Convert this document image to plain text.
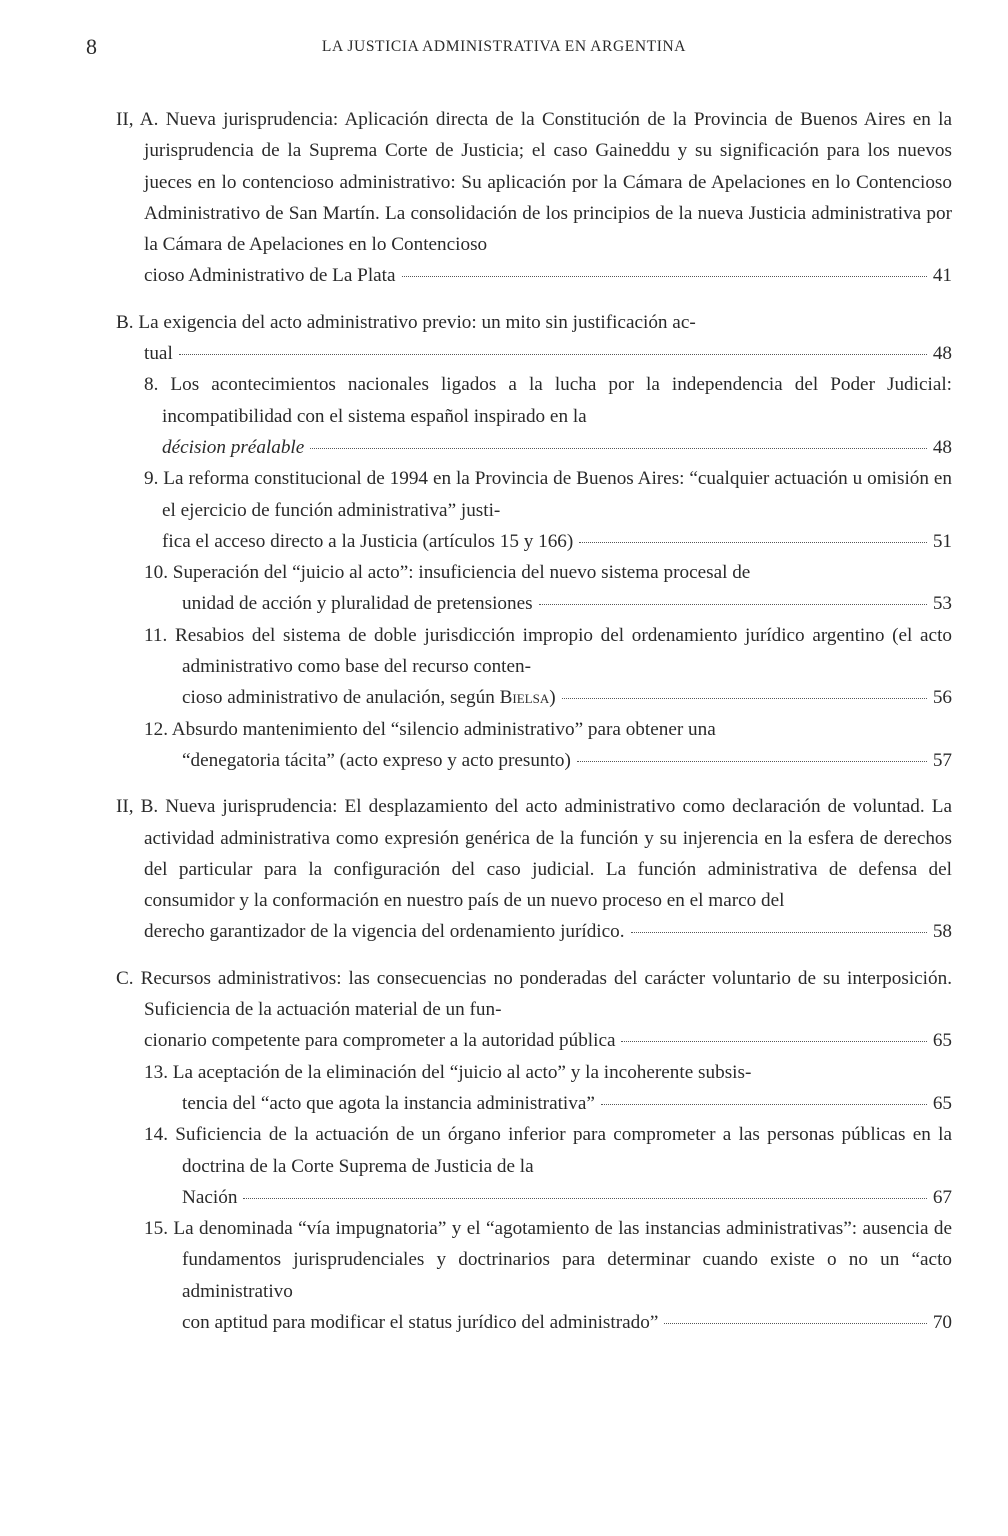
8	LA JUSTICIA ADMINISTRATIVA EN ARGENTINA
II, A. Nueva jurisprudencia: Aplicación directa de la Constitución de la Provincia de Buenos Aires en la jurisprudencia de la Suprema Corte de Justicia; el caso Gaineddu y su significación para los nuevos jueces en lo contencioso administrativo: Su aplicación por la Cámara de Apelaciones en lo Contencioso Administrativo de San Martín. La consolidación de los principios de la nueva Justicia administrativa por la Cámara de Apelaciones en lo Contencioso
cioso Administrativo de La Plata	41
B. La exigencia del acto administrativo previo: un mito sin justificación ac-
tual	48
8. Los acontecimientos nacionales ligados a la lucha por la independencia del Poder Judicial: incompatibilidad con el sistema español inspirado en la
décision préalable	48
9. La reforma constitucional de 1994 en la Provincia de Buenos Aires: “cualquier actuación u omisión en el ejercicio de función administrativa” justi-
fica el acceso directo a la Justicia (artículos 15 y 166)	51
10. Superación del “juicio al acto”: insuficiencia del nuevo sistema procesal de
unidad de acción y pluralidad de pretensiones	53
11. Resabios del sistema de doble jurisdicción impropio del ordenamiento jurídico argentino (el acto administrativo como base del recurso conten-
cioso administrativo de anulación, según Bielsa)	56
12. Absurdo mantenimiento del “silencio administrativo” para obtener una
“denegatoria tácita” (acto expreso y acto presunto)	57
II, B. Nueva jurisprudencia: El desplazamiento del acto administrativo como declaración de voluntad. La actividad administrativa como expresión genérica de la función y su injerencia en la esfera de derechos del particular para la configuración del caso judicial. La función administrativa de defensa del consumidor y la conformación en nuestro país de un nuevo proceso en el marco del
derecho garantizador de la vigencia del ordenamiento jurídico.	58
C. Recursos administrativos: las consecuencias no ponderadas del carácter voluntario de su interposición. Suficiencia de la actuación material de un fun-
cionario competente para comprometer a la autoridad pública	65
13. La aceptación de la eliminación del “juicio al acto” y la incoherente subsis-
tencia del “acto que agota la instancia administrativa”	65
14. Suficiencia de la actuación de un órgano inferior para comprometer a las personas públicas en la doctrina de la Corte Suprema de Justicia de la
Nación	67
15. La denominada “vía impugnatoria” y el “agotamiento de las instancias administrativas”: ausencia de fundamentos jurisprudenciales y doctrinarios para determinar cuando existe o no un “acto administrativo
con aptitud para modificar el status jurídico del administrado”	70
